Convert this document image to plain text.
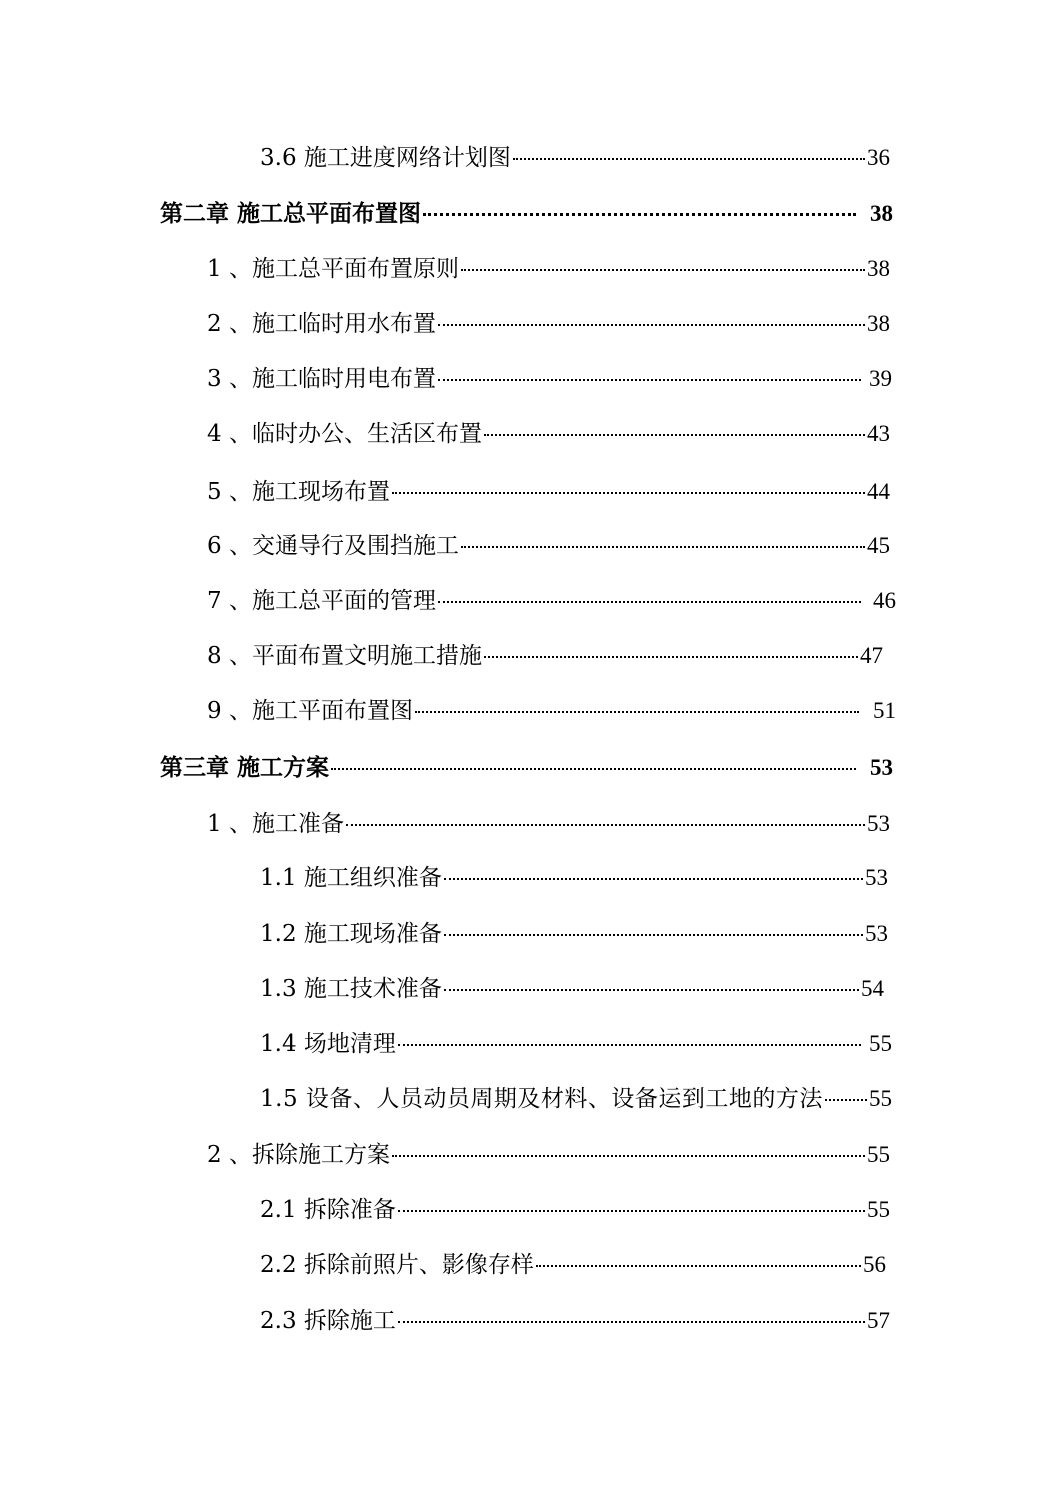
3.6 施工进度网络计划图	36
第二章 施工总平面布置图	38
1 、施工总平面布置原则	38
2 、施工临时用水布置	38
3 、施工临时用电布置	39
4 、临时办公、生活区布置	43
5 、施工现场布置	44
6 、交通导行及围挡施工	45
7 、施工总平面的管理	46
8 、平面布置文明施工措施	47
9 、施工平面布置图	51
第三章 施工方案	53
1 、施工准备	53
1.1 施工组织准备	53
1.2 施工现场准备	53
1.3 施工技术准备	54
1.4 场地清理	55
1.5 设备、人员动员周期及材料、设备运到工地的方法 55
2 、拆除施工方案	55
2.1 拆除准备	55
2.2 拆除前照片、影像存样	56
2.3 拆除施工	57
